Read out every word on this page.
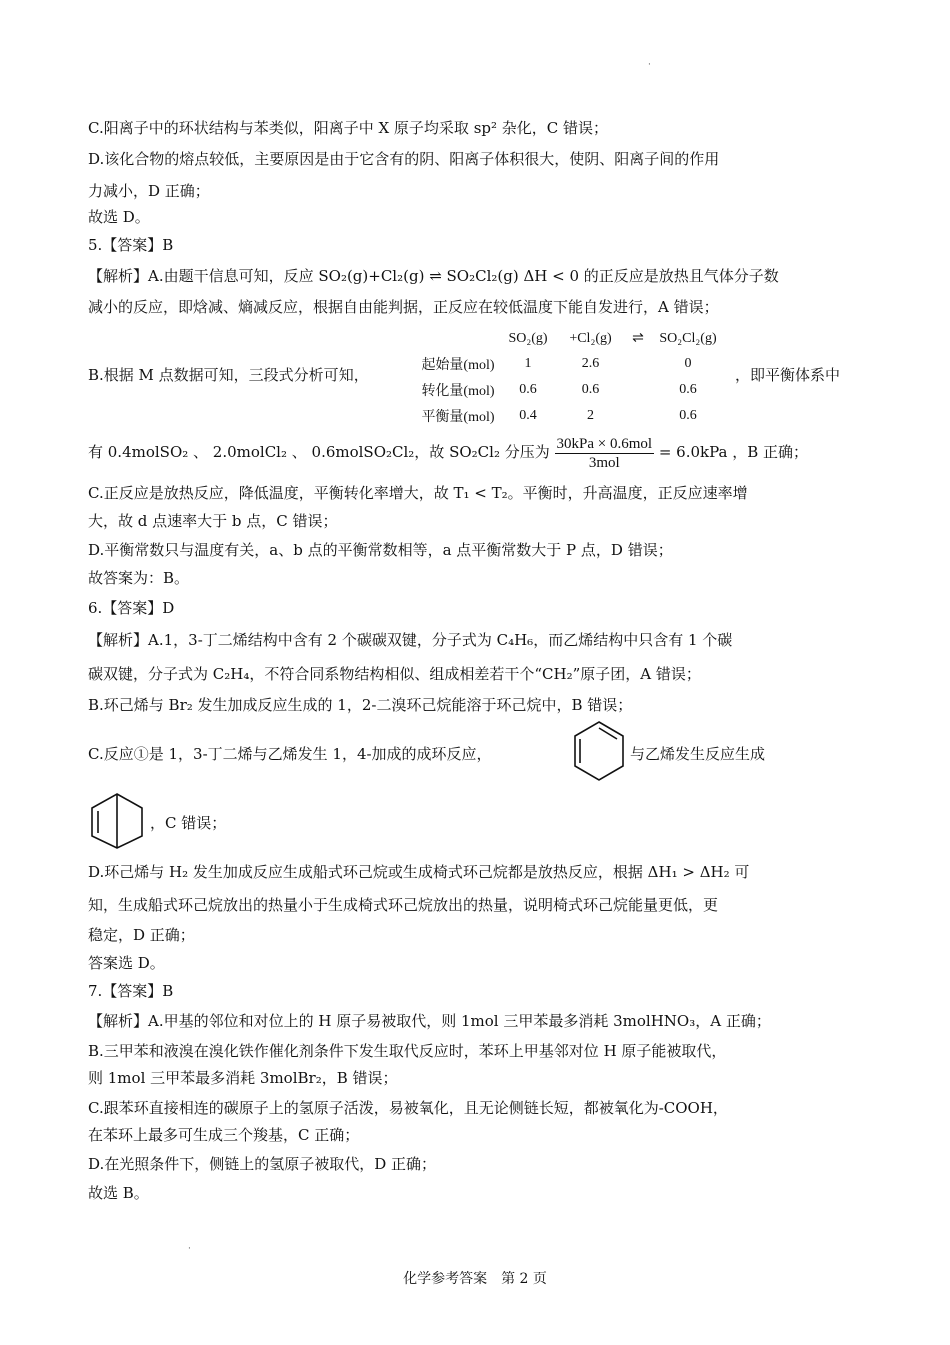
·
C.阳离子中的环状结构与苯类似，阳离子中 X 原子均采取 sp² 杂化，C 错误；
D.该化合物的熔点较低，主要原因是由于它含有的阴、阳离子体积很大，使阴、阳离子间的作用
力减小，D 正确；
故选 D。
5.【答案】B
【解析】A.由题干信息可知，反应 SO₂(g)+Cl₂(g) ⇌ SO₂Cl₂(g) ΔH < 0 的正反应是放热且气体分子数
减小的反应，即焓减、熵减反应，根据自由能判据，正反应在较低温度下能自发进行，A 错误；
B.根据 M 点数据可知，三段式分析可知，
	SO₂(g)	+Cl₂(g)	⇌	SO₂Cl₂(g)
起始量(mol)	1	2.6		0
转化量(mol)	0.6	0.6		0.6
平衡量(mol)	0.4	2		0.6
，即平衡体系中
有 0.4molSO₂ 、 2.0molCl₂ 、 0.6molSO₂Cl₂，故 SO₂Cl₂ 分压为 $\frac{\text{30kPa × 0.6mol}}{\text{3mol}} = 6.0kPa$ ，B 正确；
C.正反应是放热反应，降低温度，平衡转化率增大，故 T₁ < T₂。平衡时，升高温度，正反应速率增
大，故 d 点速率大于 b 点，C 错误；
D.平衡常数只与温度有关，a、b 点的平衡常数相等，a 点平衡常数大于 P 点，D 错误；
故答案为：B。
6.【答案】D
【解析】A.1，3-丁二烯结构中含有 2 个碳碳双键，分子式为 C₄H₆，而乙烯结构中只含有 1 个碳
碳双键，分子式为 C₂H₄，不符合同系物结构相似、组成相差若干个“CH₂”原子团，A 错误；
B.环己烯与 Br₂ 发生加成反应生成的 1，2-二溴环己烷能溶于环己烷中，B 错误；
C.反应①是 1，3-丁二烯与乙烯发生 1，4-加成的成环反应，	与乙烯发生反应生成
，C 错误；
D.环己烯与 H₂ 发生加成反应生成船式环己烷或生成椅式环己烷都是放热反应，根据 ΔH₁ > ΔH₂ 可
知，生成船式环己烷放出的热量小于生成椅式环己烷放出的热量，说明椅式环己烷能量更低，更
稳定，D 正确；
答案选 D。
7.【答案】B
【解析】A.甲基的邻位和对位上的 H 原子易被取代，则 1mol 三甲苯最多消耗 3molHNO₃，A 正确；
B.三甲苯和液溴在溴化铁作催化剂条件下发生取代反应时，苯环上甲基邻对位 H 原子能被取代，
则 1mol 三甲苯最多消耗 3molBr₂，B 错误；
C.跟苯环直接相连的碳原子上的氢原子活泼，易被氧化，且无论侧链长短，都被氧化为-COOH，
在苯环上最多可生成三个羧基，C 正确；
D.在光照条件下，侧链上的氢原子被取代，D 正确；
故选 B。
·
化学参考答案　第 2 页
